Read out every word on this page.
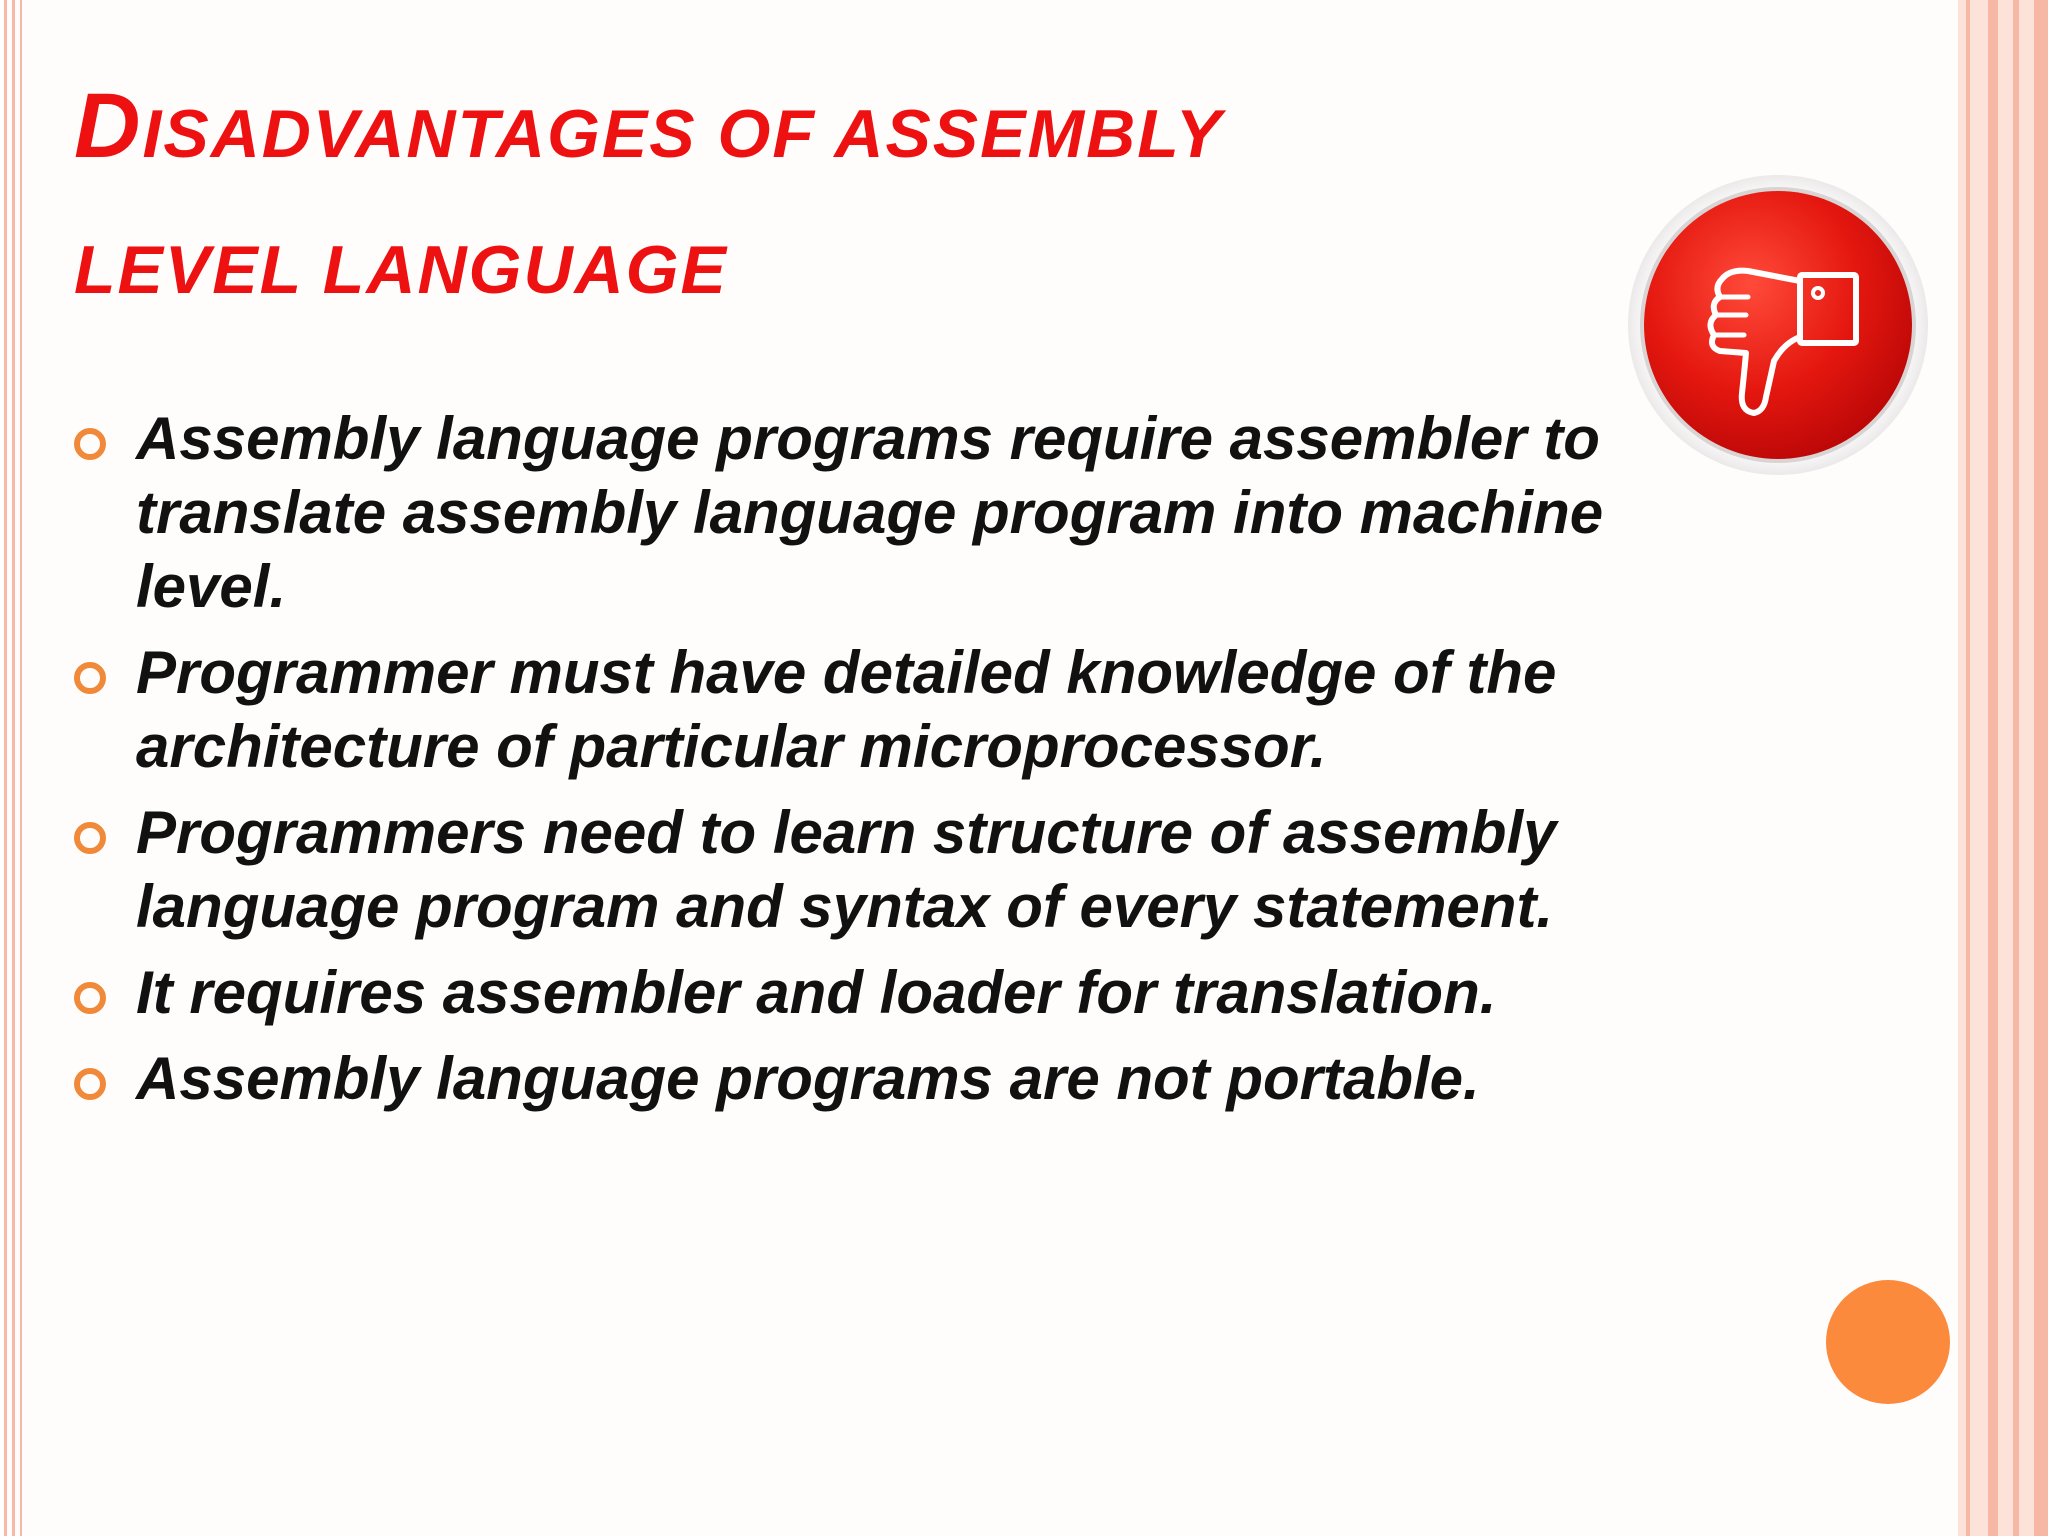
DISADVANTAGES OF ASSEMBLY
LEVEL LANGUAGE
Assembly language programs require assembler to translate assembly language program into machine level.
Programmer must have detailed knowledge of the architecture of particular microprocessor.
Programmers need to learn structure of assembly language program and syntax of every statement.
It requires assembler and loader for translation.
Assembly language programs are not portable.
